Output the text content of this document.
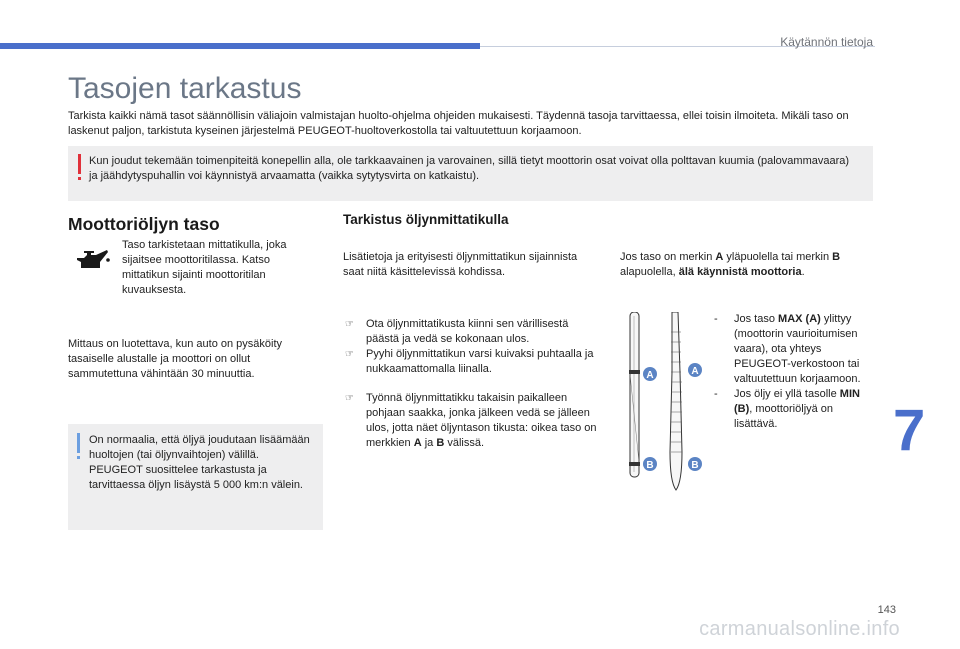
Käytännön tietoja
Tasojen tarkastus
Tarkista kaikki nämä tasot säännöllisin väliajoin valmistajan huolto-ohjelma ohjeiden mukaisesti. Täydennä tasoja tarvittaessa, ellei toisin ilmoiteta. Mikäli taso on laskenut paljon, tarkistuta kyseinen järjestelmä PEUGEOT-huoltoverkostolla tai valtuutettuun korjaamoon.
Kun joudut tekemään toimenpiteitä konepellin alla, ole tarkkaavainen ja varovainen, sillä tietyt moottorin osat voivat olla polttavan kuumia (palovammavaara) ja jäähdytyspuhallin voi käynnistyä arvaamatta (vaikka sytytysvirta on katkaistu).
Moottoriöljyn taso
Taso tarkistetaan mittatikulla, joka sijaitsee moottoritilassa. Katso mittatikun sijainti moottoritilan kuvauksesta.
Mittaus on luotettava, kun auto on pysäköity tasaiselle alustalle ja moottori on ollut sammutettuna vähintään 30 minuuttia.
On normaalia, että öljyä joudutaan lisäämään huoltojen (tai öljynvaihtojen) välillä. PEUGEOT suosittelee tarkastusta ja tarvittaessa öljyn lisäystä 5 000 km:n välein.
Tarkistus öljynmittatikulla
Lisätietoja ja erityisesti öljynmittatikun sijainnista saat niitä käsittelevissä kohdissa.
☞ Ota öljynmittatikusta kiinni sen värillisestä päästä ja vedä se kokonaan ulos.
☞ Pyyhi öljynmittatikun varsi kuivaksi puhtaalla ja nukkaamattomalla liinalla.
☞ Työnnä öljynmittatikku takaisin paikalleen pohjaan saakka, jonka jälkeen vedä se jälleen ulos, jotta näet öljyntason tikusta: oikea taso on merkkien A ja B välissä.
Jos taso on merkin A yläpuolella tai merkin B alapuolella, älä käynnistä moottoria.
A	A
B	B
- Jos taso MAX (A) ylittyy (moottorin vaurioitumisen vaara), ota yhteys PEUGEOT-verkostoon tai valtuutettuun korjaamoon.
- Jos öljy ei yllä tasolle MIN (B), moottoriöljyä on lisättävä.	7
143
carmanualsonline.info
